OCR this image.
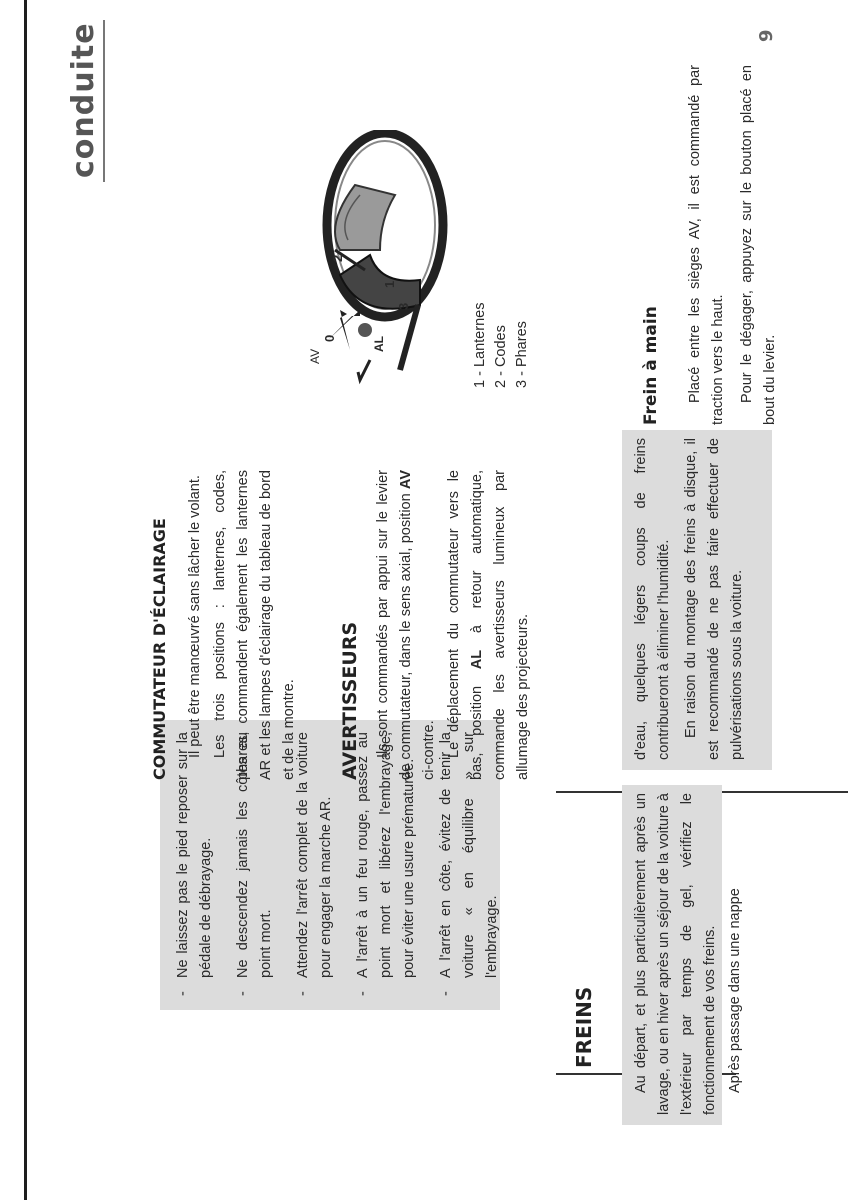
conduite	9

- Ne laissez pas le pied reposer sur la pédale de débrayage. - Ne descendez jamais les côtes au point mort. - Attendez l'arrêt complet de la voiture pour engager la marche AR. - A l'arrêt à un feu rouge, passez au point mort et libérez l'embrayage, pour éviter une usure prématurée. - A l'arrêt en côte, évitez de tenir la voiture « en équilibre » sur l'embrayage.

COMMUTATEUR D'ÉCLAIRAGE Il peut être manœuvré sans lâcher le volant. Les trois positions : lanternes, codes, phares, commandent également les lanternes AR et les lampes d'éclairage du tableau de bord et de la montre. AVERTISSEURS Ils sont commandés par appui sur le levier de commutateur, dans le sens axial, position AV ci-contre. Le déplacement du commutateur vers le bas, position AL à retour automatique, commande les avertisseurs lumineux par allumage des projecteurs.

1
2
3
0
AV
AL	1 - Lanternes 2 - Codes 3 - Phares
FREINS	Au départ, et plus particulièrement après un lavage, ou en hiver après un séjour de la voiture à l'extérieur par temps de gel, vérifiez le fonctionnement de vos freins. Après passage dans une nappe

d'eau, quelques légers coups de freins contribueront à éliminer l'humidité. En raison du montage des freins à disque, il est recommandé de ne pas faire effectuer de pulvérisations sous la voiture.

Frein à main Placé entre les sièges AV, il est commandé par traction vers le haut. Pour le dégager, appuyez sur le bouton placé en bout du levier.
